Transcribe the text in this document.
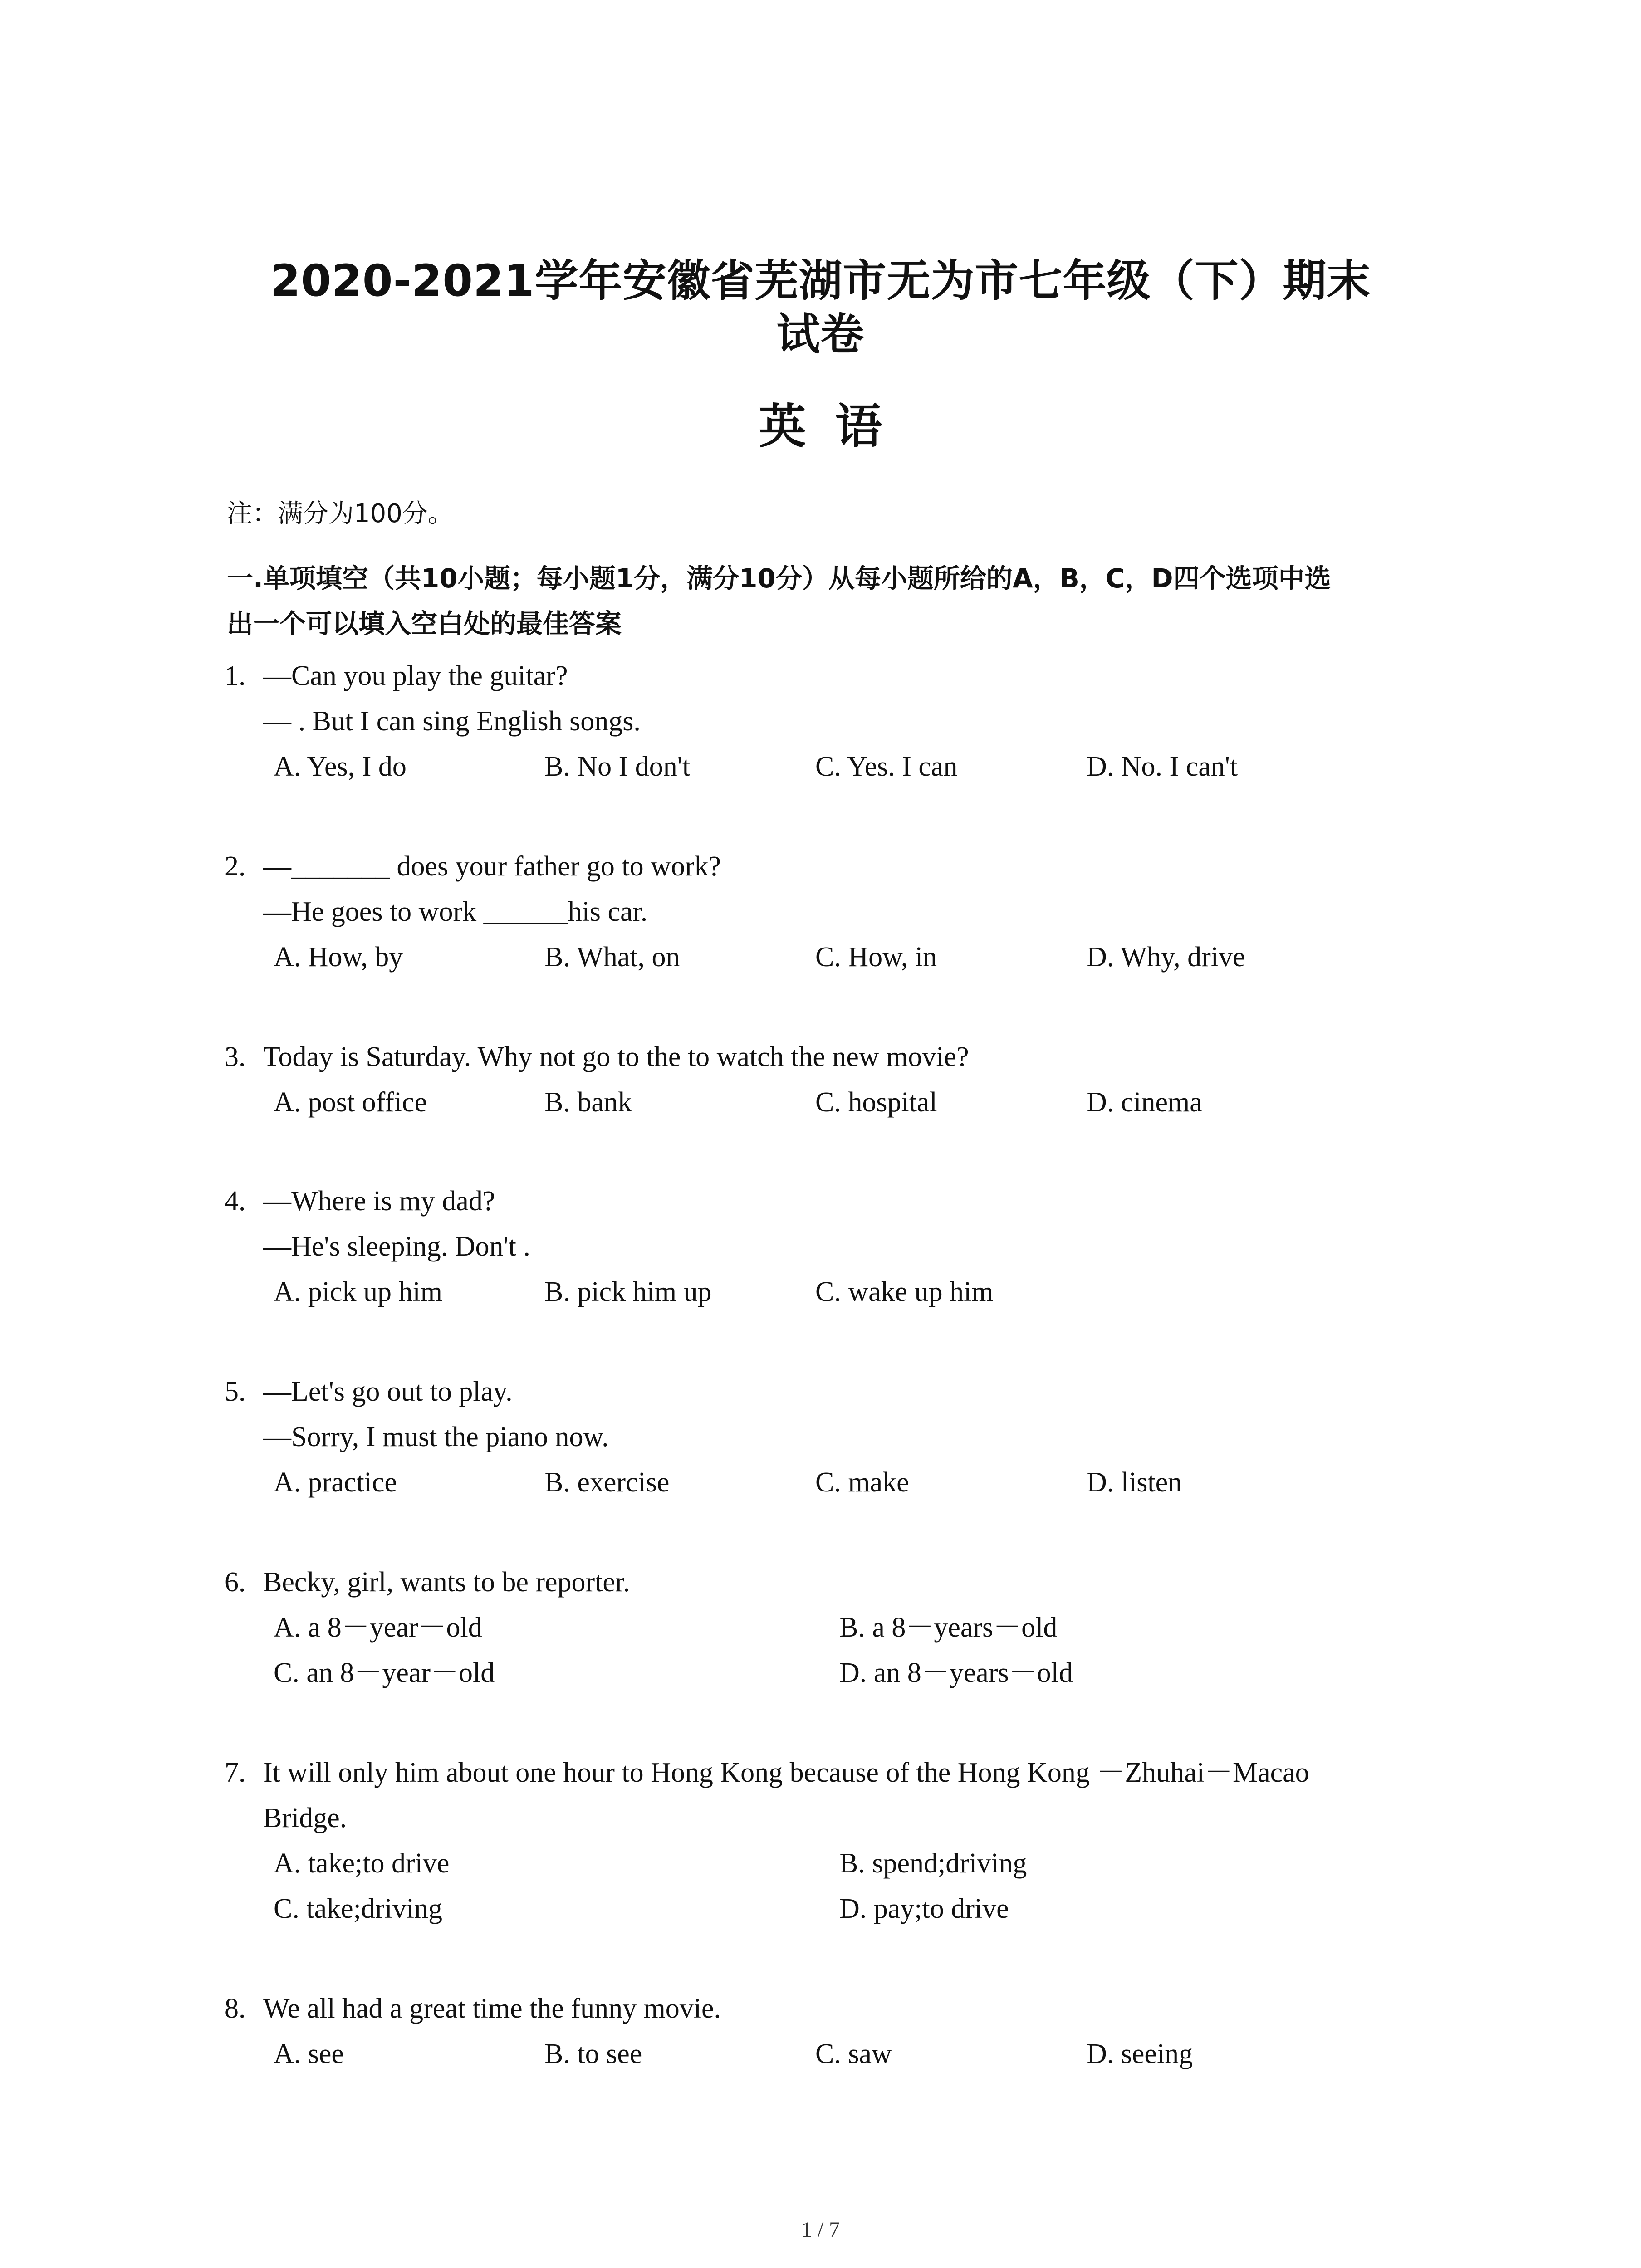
2020-2021学年安徽省芜湖市无为市七年级（下）期末
试卷
英语
注：满分为100分。
一.单项填空（共10小题；每小题1分，满分10分）从每小题所给的A，B，C，D四个选项中选
出一个可以填入空白处的最佳答案
1. —Can you play the guitar?
— . But I can sing English songs.
A. Yes, I do	B. No I don't	C. Yes. I can	D. No. I can't
2. —_______ does your father go to work?
—He goes to work ______his car.
A. How, by	B. What, on	C. How, in	D. Why, drive
3. Today is Saturday. Why not go to the to watch the new movie?
A. post office	B. bank	C. hospital	D. cinema
4. —Where is my dad?
—He's sleeping. Don't .
A. pick up him	B. pick him up	C. wake up him
5. —Let's go out to play.
—Sorry, I must the piano now.
A. practice	B. exercise	C. make	D. listen
6. Becky, girl, wants to be reporter.
A. a 8－year－old	B. a 8－years－old
C. an 8－year－old	D. an 8－years－old
7. It will only him about one hour to Hong Kong because of the Hong Kong －Zhuhai－Macao
Bridge.
A. take;to drive	B. spend;driving
C. take;driving	D. pay;to drive
8. We all had a great time the funny movie.
A. see	B. to see	C. saw	D. seeing
1 / 7
